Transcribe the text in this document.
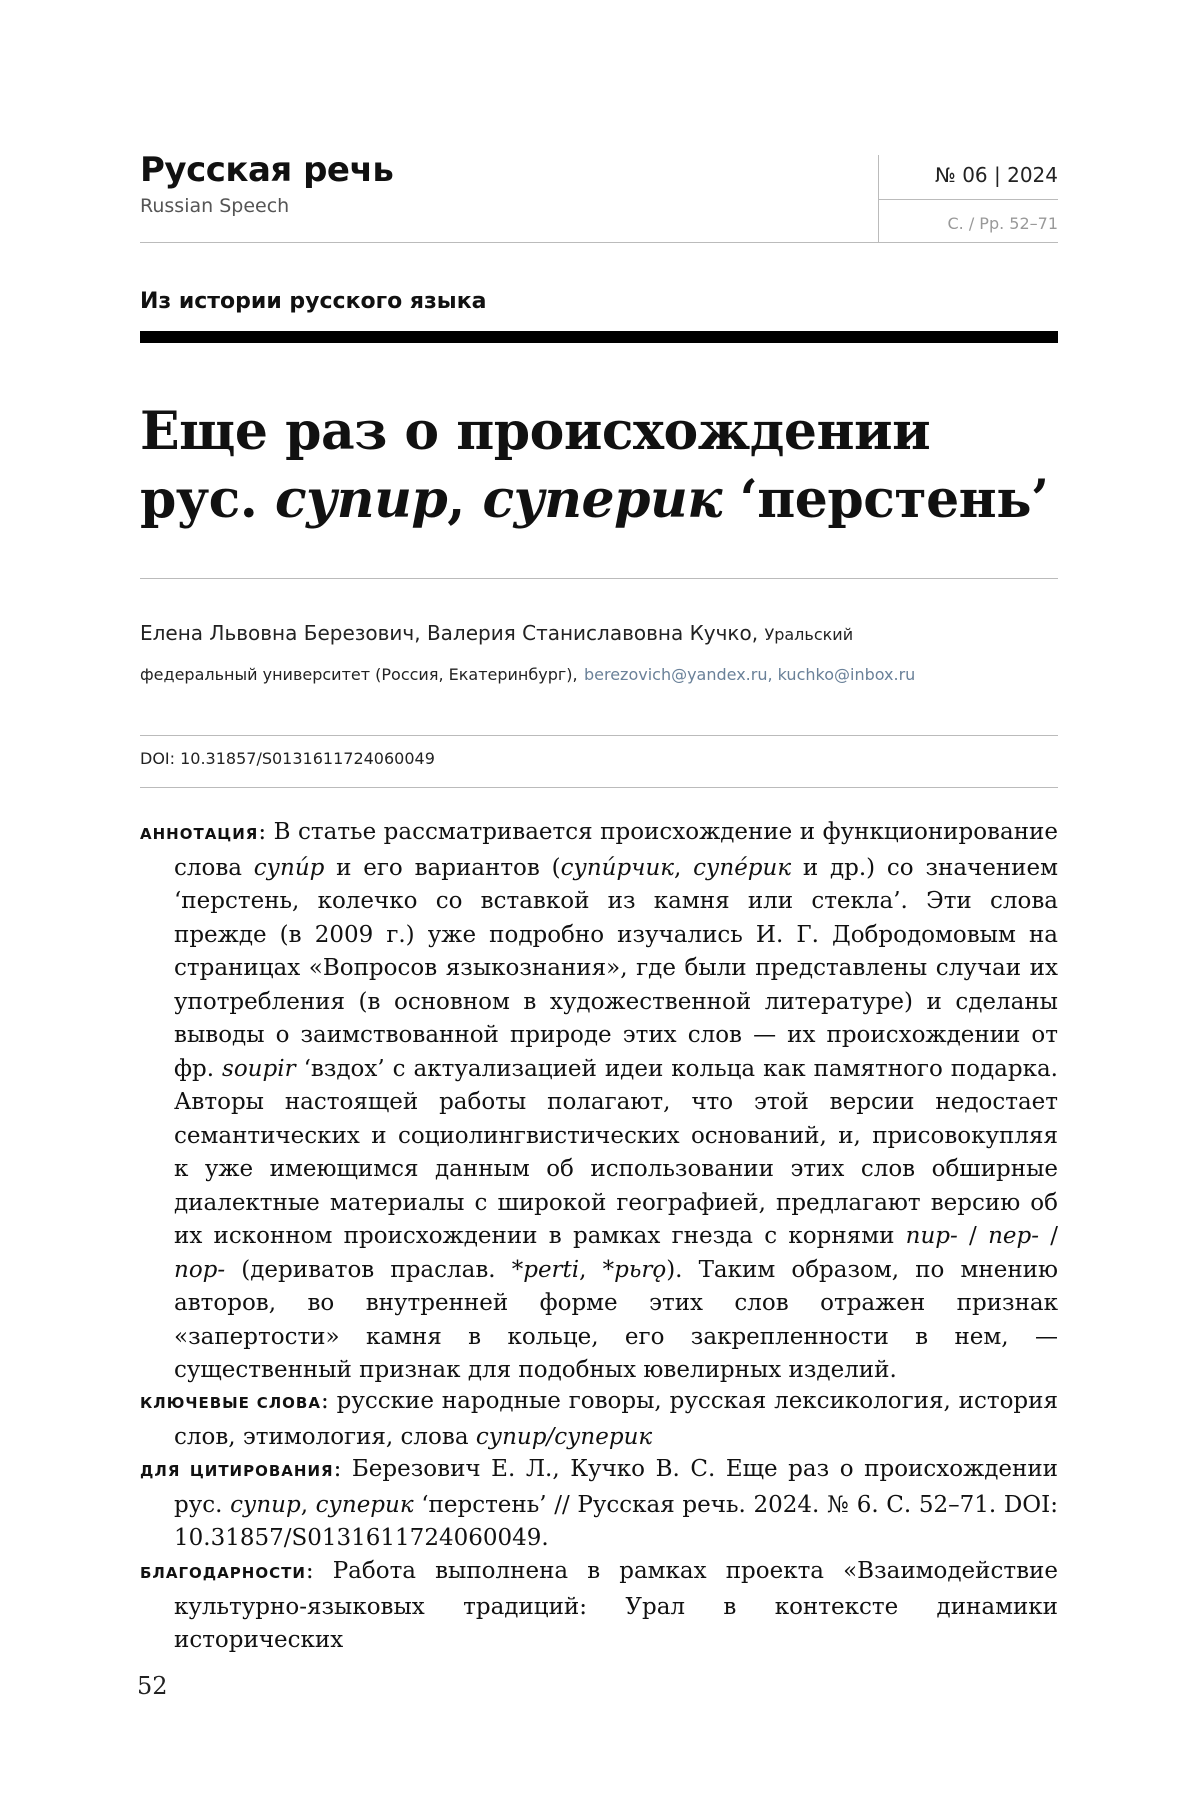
Русская речь
Russian Speech
№ 06 | 2024
С. / Pp. 52–71
Из истории русского языка
Еще раз о происхождении
рус. супир, суперик ‘перстень’
Елена Львовна Березович, Валерия Станиславовна Кучко, Уральский
федеральный университет (Россия, Екатеринбург), berezovich@yandex.ru, kuchko@inbox.ru
DOI: 10.31857/S0131611724060049

АННОТАЦИЯ: В статье рассматривается происхождение и функционирование слова супи́р и его вариантов (супи́рчик, супе́рик и др.) со значением ‘перстень, колечко со вставкой из камня или стекла’. Эти слова прежде (в 2009 г.) уже подробно изучались И. Г. Добродомовым на страницах «Вопросов языкознания», где были представлены случаи их употребления (в основном в художественной литературе) и сделаны выводы о заимствованной природе этих слов — их происхождении от фр. soupir ‘вздох’ с актуализацией идеи кольца как памятного подарка. Авторы настоящей работы полагают, что этой версии недостает семантических и социолингвистических оснований, и, присовокупляя к уже имеющимся данным об использовании этих слов обширные диалектные материалы с широкой географией, предлагают версию об их исконном происхождении в рамках гнезда с корнями пир- / пер- / пор- (дериватов праслав. *perti, *pьrǫ). Таким образом, по мнению авторов, во внутренней форме этих слов отражен признак «запертости» камня в кольце, его закрепленности в нем, — существенный признак для подобных ювелирных изделий.

КЛЮЧЕВЫЕ СЛОВА: русские народные говоры, русская лексикология, история слов, этимология, слова супир/суперик

ДЛЯ ЦИТИРОВАНИЯ: Березович Е. Л., Кучко В. С. Еще раз о происхождении рус. супир, суперик ‘перстень’ // Русская речь. 2024. № 6. С. 52–71. DOI: 10.31857/S0131611724060049.

БЛАГОДАРНОСТИ: Работа выполнена в рамках проекта «Взаимодействие культурно-языковых традиций: Урал в контексте динамики исторических

52
